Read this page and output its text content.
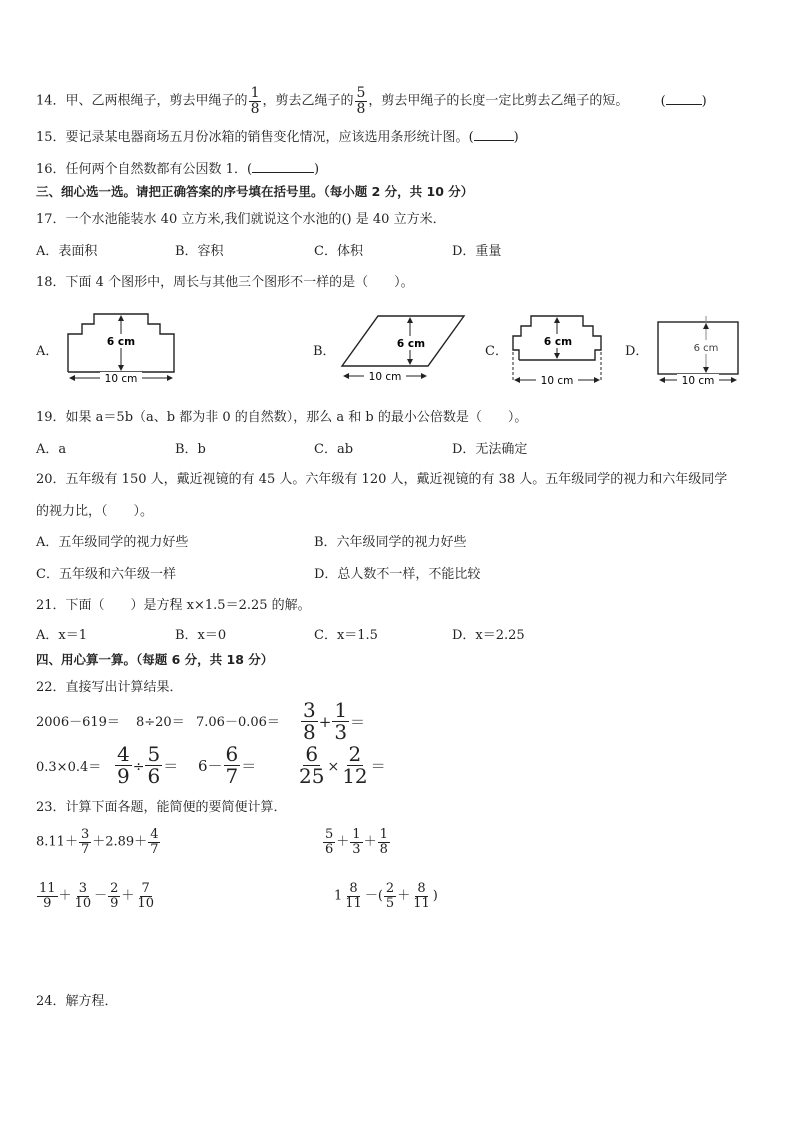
14．甲、乙两根绳子，剪去甲绳子的 $\frac{1}{8}$ ，剪去乙绳子的 $\frac{5}{8}$ ，剪去甲绳子的长度一定比剪去乙绳子的短。 (	)
15．要记录某电器商场五月份冰箱的销售变化情况，应该选用条形统计图。(	)
16．任何两个自然数都有公因数 1．(	)
三、细心选一选。请把正确答案的序号填在括号里。（每小题 2 分，共 10 分）
17．一个水池能装水 40 立方米,我们就说这个水池的() 是 40 立方米．
A．表面积	B．容积	C．体积	D．重量
18．下面 4 个图形中，周长与其他三个图形不一样的是（　　）。
A．
6 cm
10 cm
B．	6 cm
10 cm
C．
6 cm
10 cm
D．	6 cm
10 cm
19．如果 a＝5b（a、b 都为非 0 的自然数），那么 a 和 b 的最小公倍数是（　　）。
A．a	B．b	C．ab	D．无法确定
20．五年级有 150 人，戴近视镜的有 45 人。六年级有 120 人，戴近视镜的有 38 人。五年级同学的视力和六年级同学
的视力比，（　　）。
A．五年级同学的视力好些	B．六年级同学的视力好些
C．五年级和六年级一样	D．总人数不一样，不能比较
21．下面（　　）是方程 x×1.5＝2.25 的解。
A．x＝1	B．x＝0	C．x＝1.5	D．x＝2.25
四、用心算一算。（每题 6 分，共 18 分）
22．直接写出计算结果．
$2006-619= 8\div 20= 7.06-0.06= \frac{3}{8} + \frac{1}{3}$ ＝
$0.3\times 0.4= \frac{4}{9} \div \frac{5}{6} = 6- \frac{6}{7} = \frac{6}{25} \times \frac{2}{12}$ ＝
23．计算下面各题，能简便的要简便计算．
$8.11+ \frac{3}{7} +2.89+ \frac{4}{7}$	$\frac{5}{6} + \frac{1}{3} + \frac{1}{8}$
$\frac{11}{9} + \frac{3}{10} - \frac{2}{9} + \frac{7}{10}$	$1 \frac{8}{11}$ －( $\frac{2}{5} + \frac{8}{11}$ )
24．解方程．
